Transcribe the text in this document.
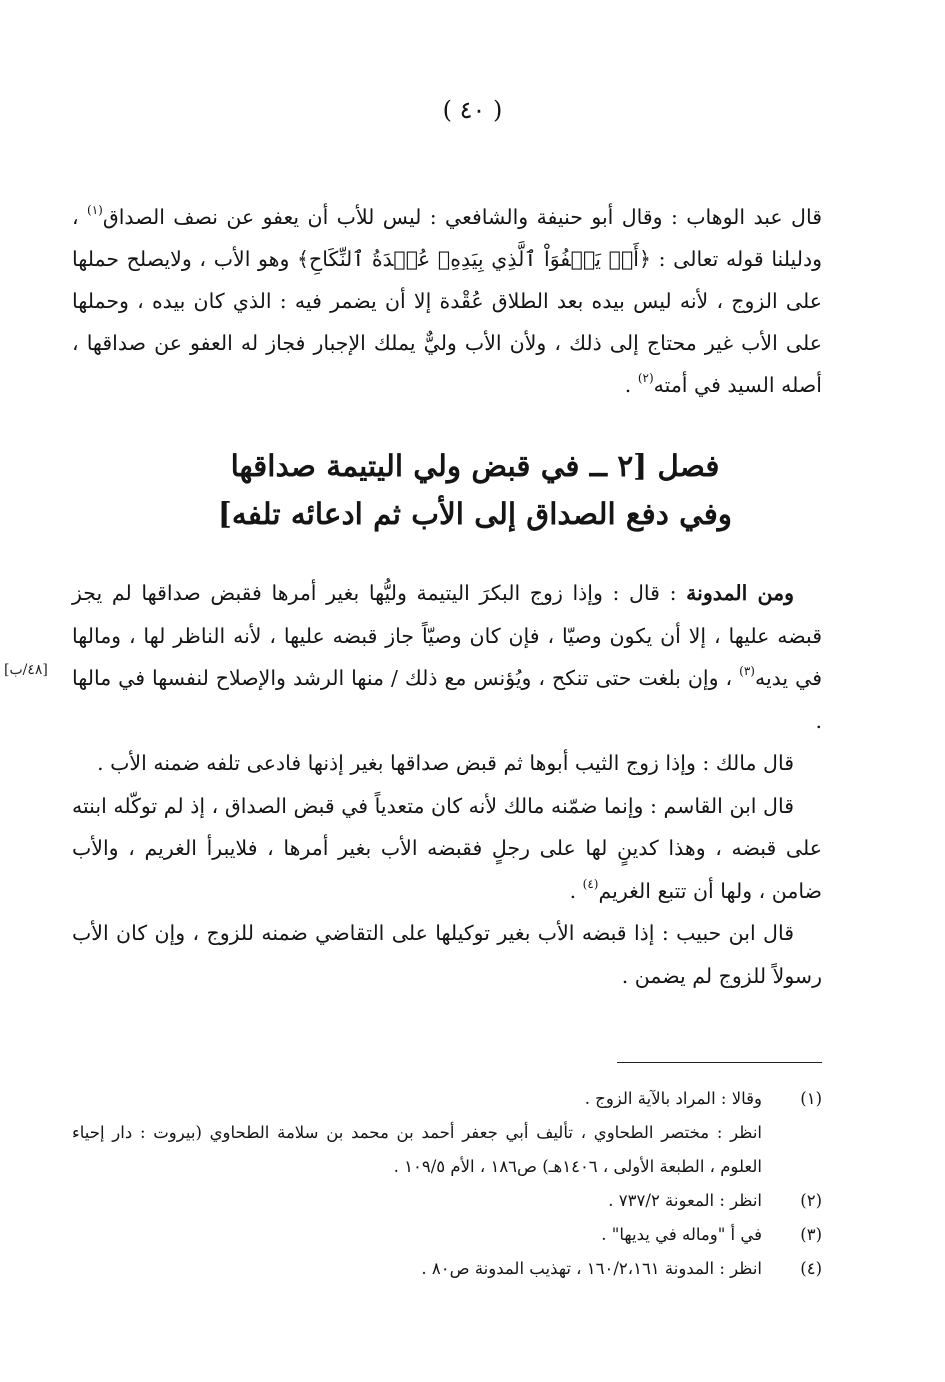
( ٤٠ )
قال عبد الوهاب : وقال أبو حنيفة والشافعي : ليس للأب أن يعفو عن نصف الصداق$^{(١)}$ ، ودليلنا قوله تعالى : ﴿أَوۡ يَعۡفُوَاْ ٱلَّذِي بِيَدِهِۦ عُقۡدَةُ ٱلنِّكَاحِ﴾ وهو الأب ، ولايصلح حملها على الزوج ، لأنه ليس بيده بعد الطلاق عُقْدة إلا أن يضمر فيه : الذي كان بيده ، وحملها على الأب غير محتاج إلى ذلك ، ولأن الأب وليٌّ يملك الإجبار فجاز له العفو عن صداقها ، أصله السيد في أمته$^{(٢)}$ .
فصل [٢ ــ في قبض ولي اليتيمة صداقها
وفي دفع الصداق إلى الأب ثم ادعائه تلفه]
[٤٨/ب]

ومن المدونة : قال : وإذا زوج البكرَ اليتيمة وليُّها بغير أمرها فقبض صداقها لم يجز قبضه عليها ، إلا أن يكون وصيّا ، فإن كان وصيّاً جاز قبضه عليها ، لأنه الناظر لها ، ومالها في يديه$^{(٣)}$ ، وإن بلغت حتى تنكح ، ويُؤنس مع ذلك / منها الرشد والإصلاح لنفسها في مالها .

قال مالك : وإذا زوج الثيب أبوها ثم قبض صداقها بغير إذنها فادعى تلفه ضمنه الأب .

قال ابن القاسم : وإنما ضمّنه مالك لأنه كان متعدياً في قبض الصداق ، إذ لم توكّله ابنته على قبضه ، وهذا كدينٍ لها على رجلٍ فقبضه الأب بغير أمرها ، فلايبرأ الغريم ، والأب ضامن ، ولها أن تتبع الغريم$^{(٤)}$ .

قال ابن حبيب : إذا قبضه الأب بغير توكيلها على التقاضي ضمنه للزوج ، وإن كان الأب رسولاً للزوج لم يضمن .

(١)
وقالا : المراد بالآية الزوج .
انظر : مختصر الطحاوي ، تأليف أبي جعفر أحمد بن محمد بن سلامة الطحاوي (بيروت : دار إحياء العلوم ، الطبعة الأولى ، ١٤٠٦هـ) ص١٨٦ ، الأم ١٠٩/٥ .
(٢)
انظر : المعونة ٧٣٧/٢ .
(٣)
في أ "وماله في يديها" .
(٤)
انظر : المدونة ١٦٠/٢،١٦١ ، تهذيب المدونة ص٨٠ .
